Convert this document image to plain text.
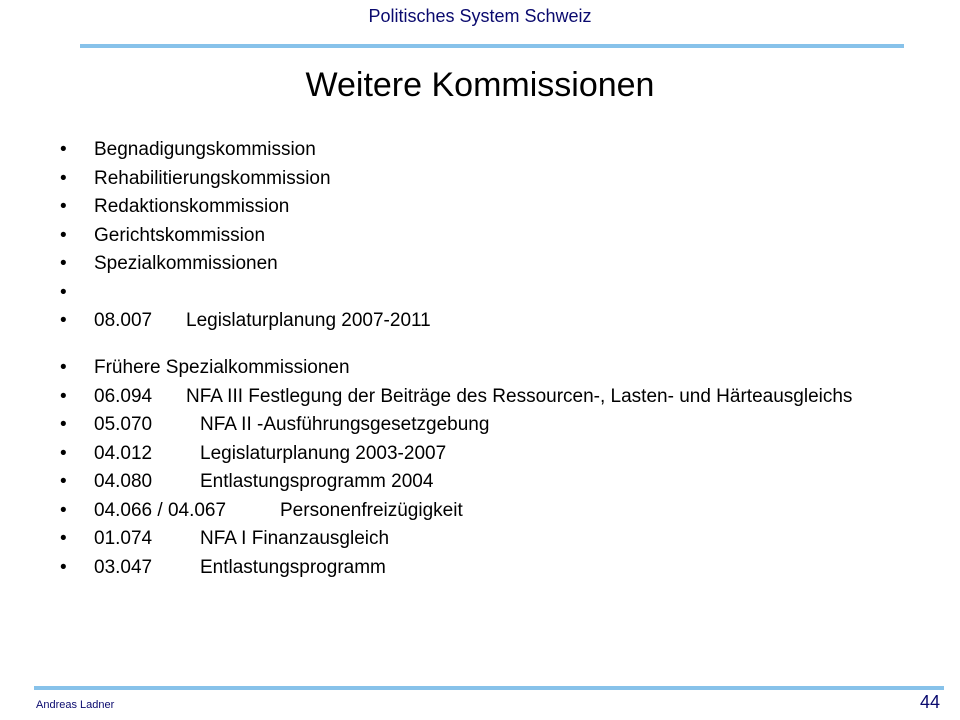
Politisches System Schweiz
Weitere Kommissionen
•	Begnadigungskommission
•	Rehabilitierungskommission
•	Redaktionskommission
•	Gerichtskommission
•	Spezialkommissionen
•
•	08.007 Legislaturplanung 2007-2011
•	Frühere Spezialkommissionen
•	06.094 NFA III Festlegung der Beiträge des Ressourcen-, Lasten- und Härteausgleichs
•	05.070	NFA II -Ausführungsgesetzgebung
•	04.012	Legislaturplanung 2003-2007
•	04.080	Entlastungsprogramm 2004
•	04.066 / 04.067	Personenfreizügigkeit
•	01.074	NFA I Finanzausgleich
•	03.047	Entlastungsprogramm
Andreas Ladner	44
